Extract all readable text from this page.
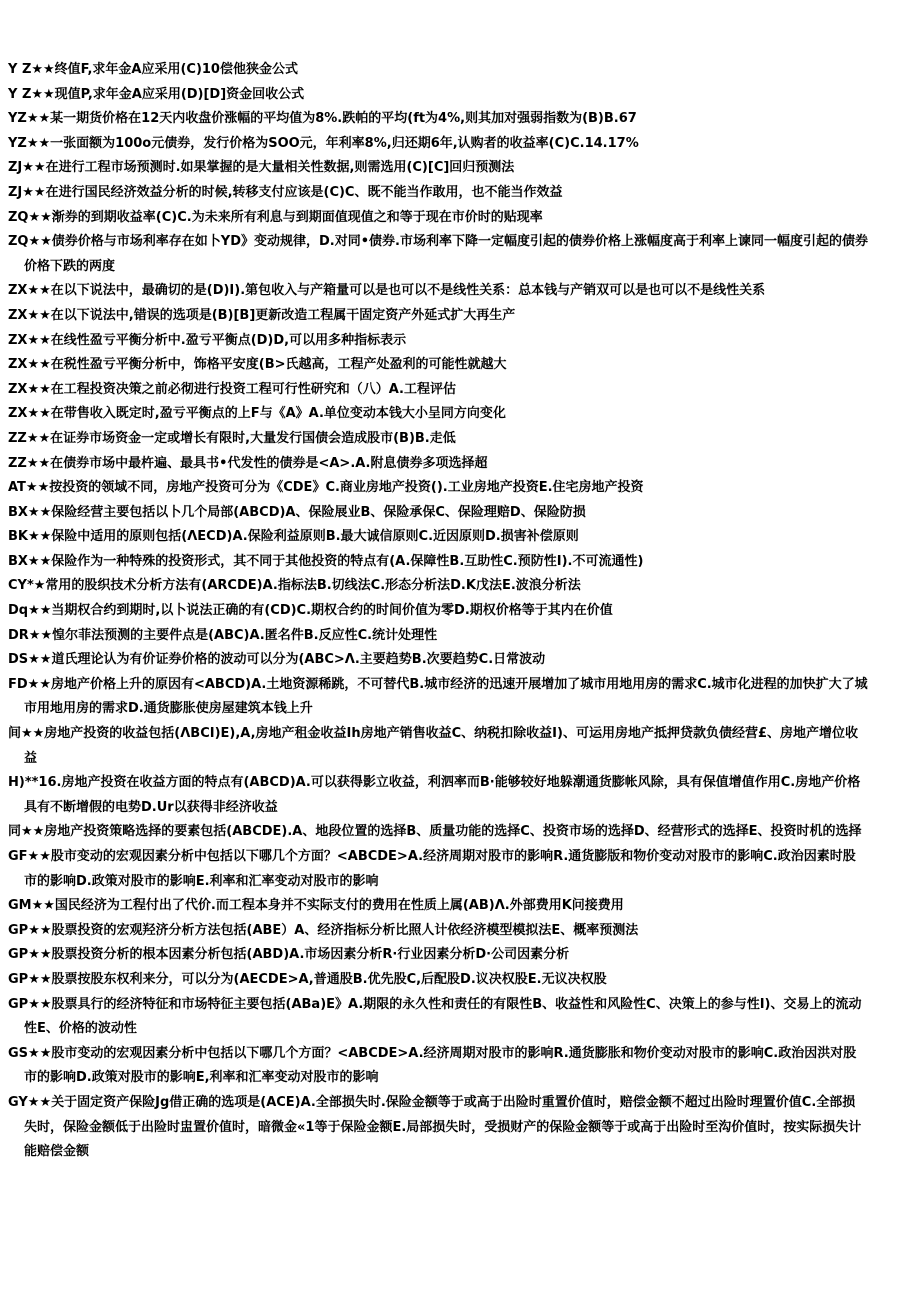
Y Z★★终值F,求年金A应采用(C)10偿他狭金公式

Y Z★★现值P,求年金A应采用(D)[D]资金回收公式

YZ★★某一期货价格在12天内收盘价涨幅的平均值为8%.跌帕的平均(ft为4%,则其加对强弱指数为(B)B.67

YZ★★一张面额为100o元债券，发行价格为SOO元，年利率8%,归还期6年,认购者的收益率(C)C.14.17%

ZJ★★在进行工程市场预测时.如果掌握的是大量相关性数据,则需选用(C)[C]回归预测法

ZJ★★在进行国民经济效益分析的时候,转移支付应该是(C)C、既不能当作敢用，也不能当作效益

ZQ★★渐券的到期收益率(C)C.为未来所有利息与到期面值现值之和等于现在市价时的贴现率

ZQ★★债券价格与市场利率存在如卜YD》变动规律，D.对同•债券.市场利率下降一定幅度引起的债券价格上涨幅度高于利率上谏同一幅度引起的债券价格下跌的两度

ZX★★在以下说法中，最确切的是(D)I).第包收入与产箱量可以是也可以不是线性关系：总本钱与产销双可以是也可以不是线性关系

ZX★★在以下说法中,错误的选项是(B)[B]更新改造工程属干固定资产外延式扩大再生产

ZX★★在线性盈亏平衡分析中.盈亏平衡点(D)D,可以用多种指标表示

ZX★★在税性盈亏平衡分析中，饰格平安度(B>氏越高，工程产处盈利的可能性就越大

ZX★★在工程投资决策之前必彻进行投资工程可行性研究和（八）A.工程评估

ZX★★在带售收入既定时,盈亏平衡点的上F与《A》A.单位变动本钱大小呈同方向变化

ZZ★★在证券市场资金一定或增长有限时,大量发行国债会造成股市(B)B.走低

ZZ★★在债券市场中最杵遍、最具书•代发性的债券是<A>.A.附息债券多项选择超

AT★★按投资的领域不同，房地产投资可分为《CDE》C.商业房地产投资().工业房地产投资E.住宅房地产投资

BX★★保险经营主要包括以卜几个局部(ABCD)A、保险展业B、保险承保C、保险理赔D、保险防损

BK★★保险中适用的原则包括(ΛECD)A.保险利益原则B.最大诚信原则C.近因原则D.损害补偿原则

BX★★保险作为一种特殊的投资形式，其不同于其他投资的特点有(A.保障性B.互助性C.预防性I).不可流通性)

CY*★常用的股织技术分析方法有(ARCDE)A.指标法B.切线法C.形态分析法D.K戊法E.波浪分析法

Dq★★当期权合约到期时,以卜说法正确的有(CD)C.期权合约的时间价值为零D.期权价格等于其内在价值

DR★★惶尔菲法预测的主要件点是(ABC)A.匿名件B.反应性C.统计处理性

DS★★道氏理论认为有价证券价格的波动可以分为(ABC>Λ.主要趋势B.次要趋势C.日常波动

FD★★房地产价格上升的原因有<ABCD)A.土地资源稀跳，不可替代B.城市经济的迅速开展增加了城市用地用房的需求C.城市化进程的加快扩大了城市用地用房的需求D.通货膨胀使房屋建筑本钱上升

间★★房地产投资的收益包括(ΛBCI)E),A,房地产租金收益Ih房地产销售收益C、纳税扣除收益I)、可运用房地产抵押贷款负债经营£、房地产增位收益

H)**16.房地产投资在收益方面的特点有(ABCD)A.可以获得影立收益，利泗率而B·能够较好地躲潮通货膨帐风除，具有保值增值作用C.房地产价格具有不断增假的电势D.Ur以获得非经济收益

同★★房地产投资策略选择的要素包括(ABCDE).A、地段位置的选择B、质量功能的选择C、投资市场的选择D、经营形式的选择E、投资时机的选择

GF★★股市变动的宏观因素分析中包括以下哪几个方面？<ABCDE>A.经济周期对股市的影响R.通货膨版和物价变动对股市的影响C.政治因素时股市的影响D.政策对股市的影响E.利率和汇率变动对股市的影响

GM★★国民经济为工程付出了代价.而工程本身并不实际支付的费用在性质上属(AB)Λ.外部费用K问接费用

GP★★股票投资的宏观羟济分析方法包括(ABE）A、经济指标分析比照人计依经济模型模拟法E、概率预测法

GP★★股票投资分析的根本因素分析包括(ABD)A.市场因素分析R·行业因素分析D·公司因素分析

GP★★股票按股东权利来分，可以分为(AECDE>A,普通股B.优先股C,后配股D.议决权股E.无议决权股

GP★★股票具行的经济特征和市场特征主要包括(ABa)E》A.期限的永久性和责任的有限性B、收益性和风险性C、决策上的参与性I)、交易上的流动性E、价格的波动性

GS★★股市变动的宏观因素分析中包括以下哪几个方面？<ABCDE>A.经济周期对股市的影响R.通货膨胀和物价变动对股市的影响C.政治因洪对股市的影响D.政策对股市的影响E,利率和汇率变动对股市的影响

GY★★关于固定资产保险Jg借正确的选项是(ACE)A.全部损失时.保险金额等于或高于出险时重置价值时，赔偿金额不超过出险时理置价值C.全部损失时，保险金额低于出险时盅置价值时，暗微金«1等于保险金额E.局部损失时，受损财产的保险金额等于或高于出险时至沟价值时，按实际损失计能赔偿金额
